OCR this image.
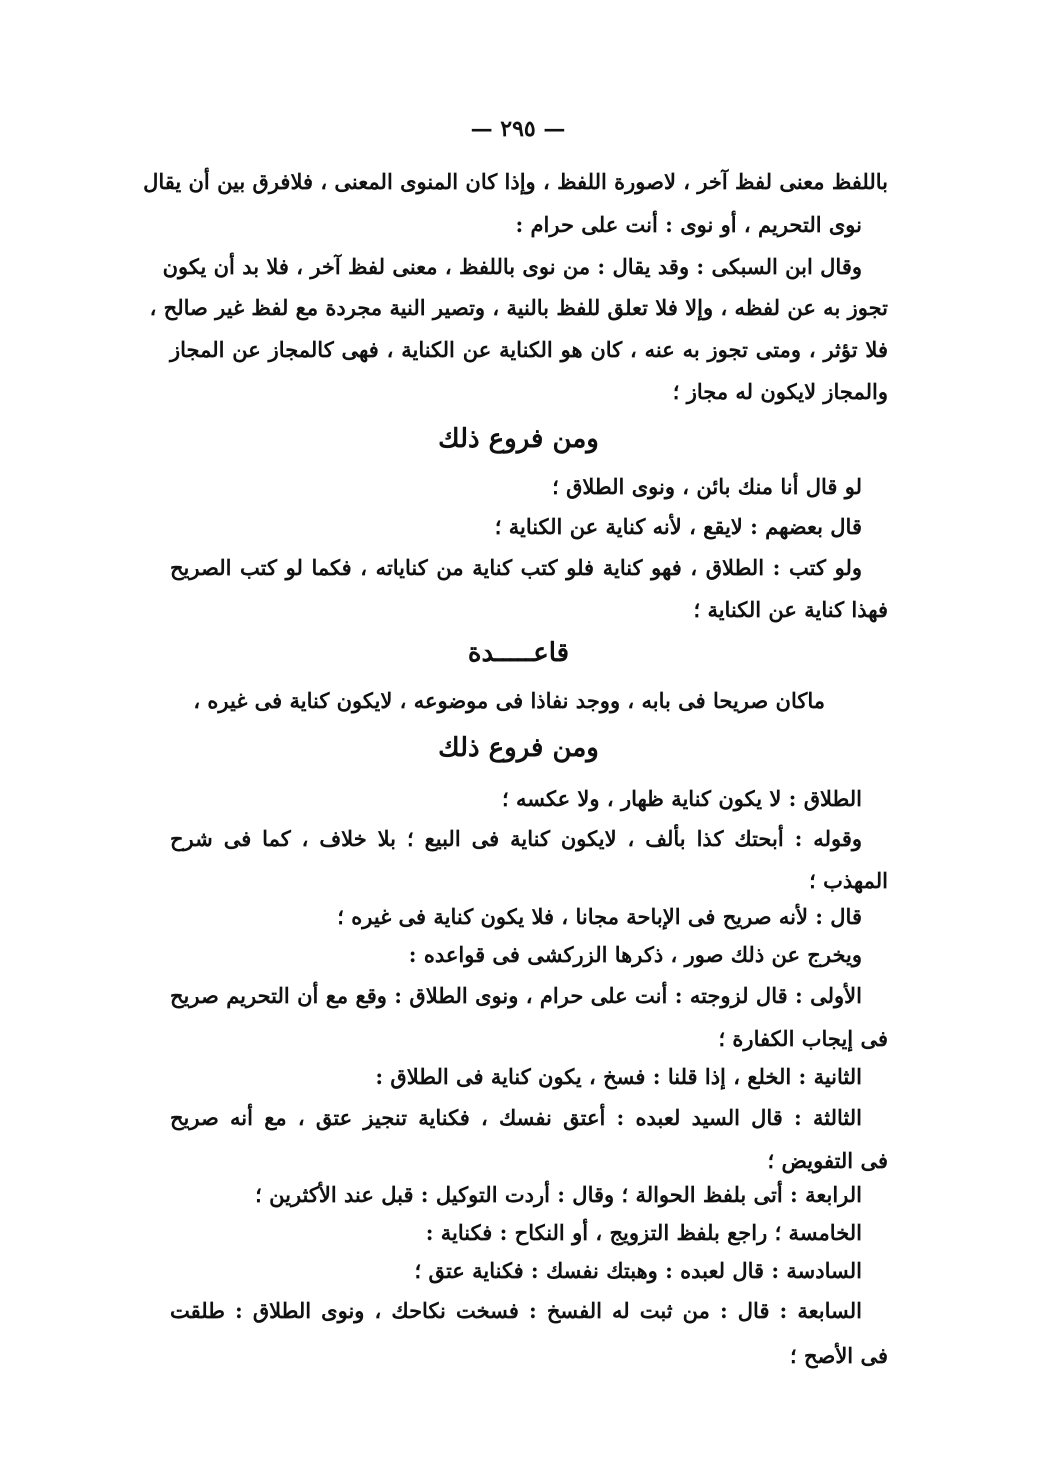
— ٢٩٥ —
باللفظ معنى لفظ آخر ، لاصورة اللفظ ، وإذا كان المنوى المعنى ، فلافرق بين أن يقال
نوى التحريم ، أو نوى : أنت على حرام :
وقال ابن السبكى : وقد يقال : من نوى باللفظ ، معنى لفظ آخر ، فلا بد أن يكون
تجوز به عن لفظه ، وإلا فلا تعلق للفظ بالنية ، وتصير النية مجردة مع لفظ غير صالح ،
فلا تؤثر ، ومتى تجوز به عنه ، كان هو الكناية عن الكناية ، فهى كالمجاز عن المجاز
والمجاز لايكون له مجاز ؛
ومن فروع ذلك
لو قال أنا منك بائن ، ونوى الطلاق ؛
قال بعضهم : لايقع ، لأنه كناية عن الكناية ؛
ولو كتب : الطلاق ، فهو كناية فلو كتب كناية من كناياته ، فكما لو كتب الصريح
فهذا كناية عن الكناية ؛
قاعـــــدة
ماكان صريحا فى بابه ، ووجد نفاذا فى موضوعه ، لايكون كناية فى غيره ،
ومن فروع ذلك
الطلاق : لا يكون كناية ظهار ، ولا عكسه ؛
وقوله : أبحتك كذا بألف ، لايكون كناية فى البيع ؛ بلا خلاف ، كما فى شرح
المهذب ؛
قال : لأنه صريح فى الإباحة مجانا ، فلا يكون كناية فى غيره ؛
ويخرج عن ذلك صور ، ذكرها الزركشى فى قواعده :
الأولى : قال لزوجته : أنت على حرام ، ونوى الطلاق : وقع مع أن التحريم صريح
فى إيجاب الكفارة ؛
الثانية : الخلع ، إذا قلنا : فسخ ، يكون كناية فى الطلاق :
الثالثة : قال السيد لعبده : أعتق نفسك ، فكناية تنجيز عتق ، مع أنه صريح
فى التفويض ؛
الرابعة : أتى بلفظ الحوالة ؛ وقال : أردت التوكيل : قبل عند الأكثرين ؛
الخامسة ؛ راجع بلفظ التزويج ، أو النكاح : فكناية :
السادسة : قال لعبده : وهبتك نفسك : فكناية عتق ؛
السابعة : قال : من ثبت له الفسخ : فسخت نكاحك ، ونوى الطلاق : طلقت
فى الأصح ؛
